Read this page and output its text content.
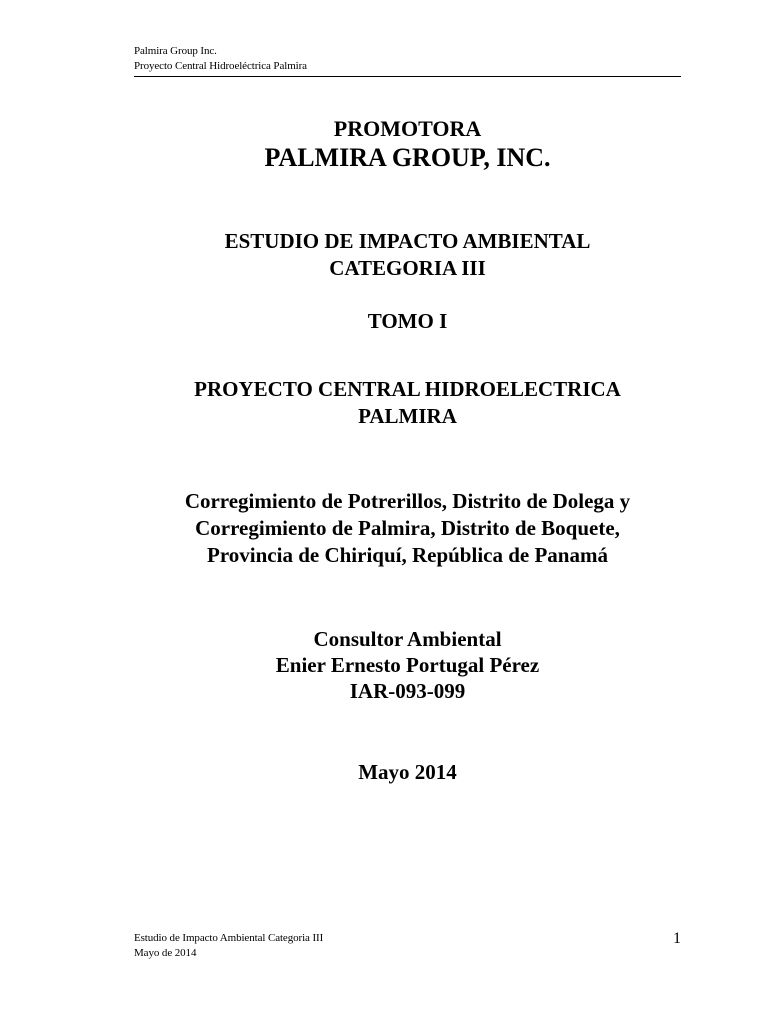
Palmira Group Inc.
Proyecto Central Hidroeléctrica Palmira
PROMOTORA
PALMIRA GROUP, INC.
ESTUDIO DE IMPACTO AMBIENTAL
CATEGORIA III
TOMO I
PROYECTO CENTRAL HIDROELECTRICA
PALMIRA
Corregimiento de Potrerillos, Distrito de Dolega y
Corregimiento de Palmira, Distrito de Boquete,
Provincia de Chiriquí, República de Panamá
Consultor Ambiental
Enier Ernesto Portugal Pérez
IAR-093-099
Mayo 2014
Estudio de Impacto Ambiental Categoria III
Mayo de 2014
1
